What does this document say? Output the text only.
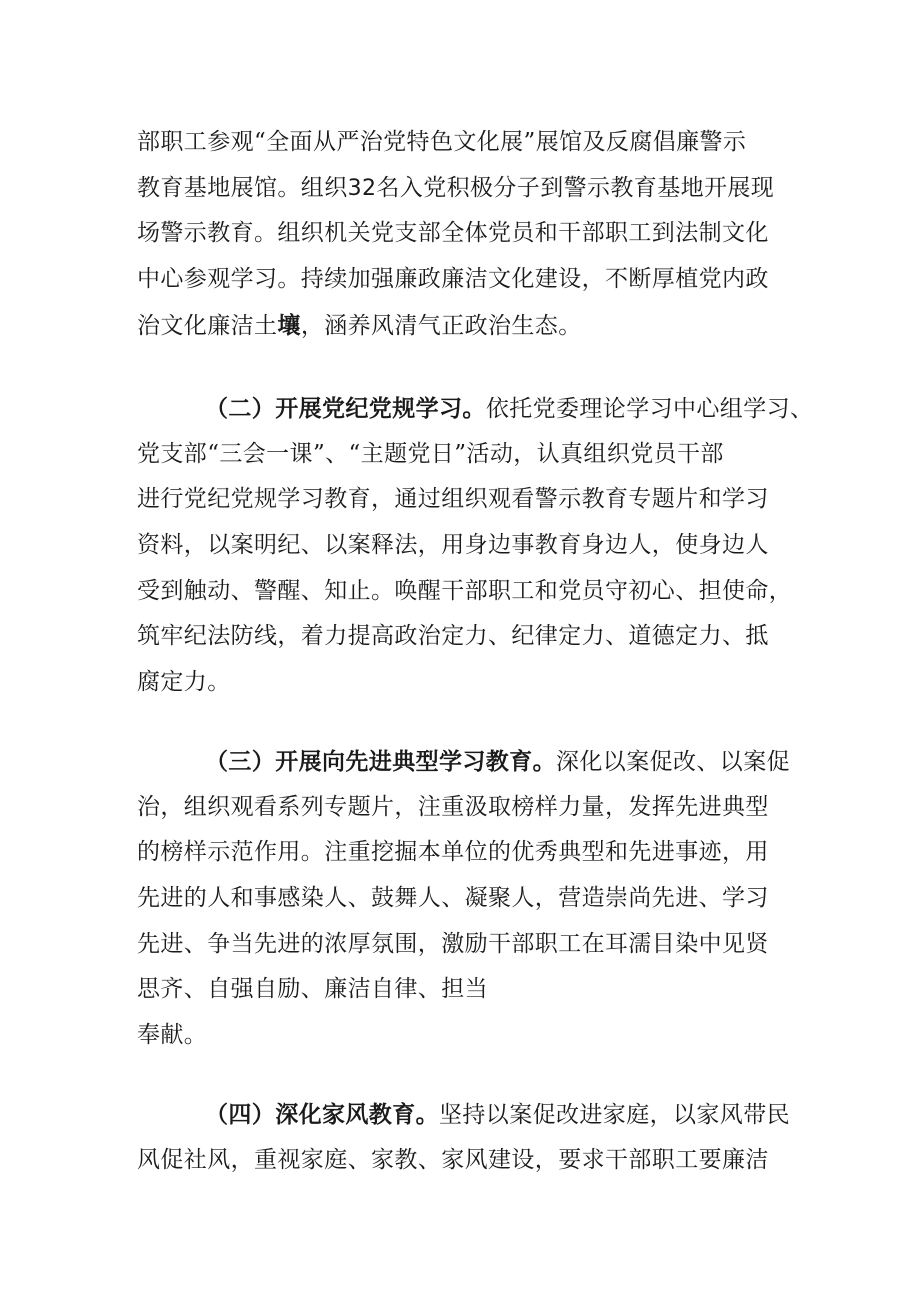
部职工参观“全面从严治党特色文化展”展馆及反腐倡廉警示
教育基地展馆。组织32名入党积极分子到警示教育基地开展现
场警示教育。组织机关党支部全体党员和干部职工到法制文化
中心参观学习。持续加强廉政廉洁文化建设，不断厚植党内政
治文化廉洁土壤，涵养风清气正政治生态。
（二）开展党纪党规学习。依托党委理论学习中心组学习、
党支部“三会一课”、“主题党日”活动，认真组织党员干部
进行党纪党规学习教育，通过组织观看警示教育专题片和学习
资料，以案明纪、以案释法，用身边事教育身边人，使身边人
受到触动、警醒、知止。唤醒干部职工和党员守初心、担使命，
筑牢纪法防线，着力提高政治定力、纪律定力、道德定力、抵
腐定力。
（三）开展向先进典型学习教育。深化以案促改、以案促
治，组织观看系列专题片，注重汲取榜样力量，发挥先进典型
的榜样示范作用。注重挖掘本单位的优秀典型和先进事迹，用
先进的人和事感染人、鼓舞人、凝聚人，营造崇尚先进、学习
先进、争当先进的浓厚氛围，激励干部职工在耳濡目染中见贤
思齐、自强自励、廉洁自律、担当
奉献。
（四）深化家风教育。坚持以案促改进家庭，以家风带民
风促社风，重视家庭、家教、家风建设，要求干部职工要廉洁
